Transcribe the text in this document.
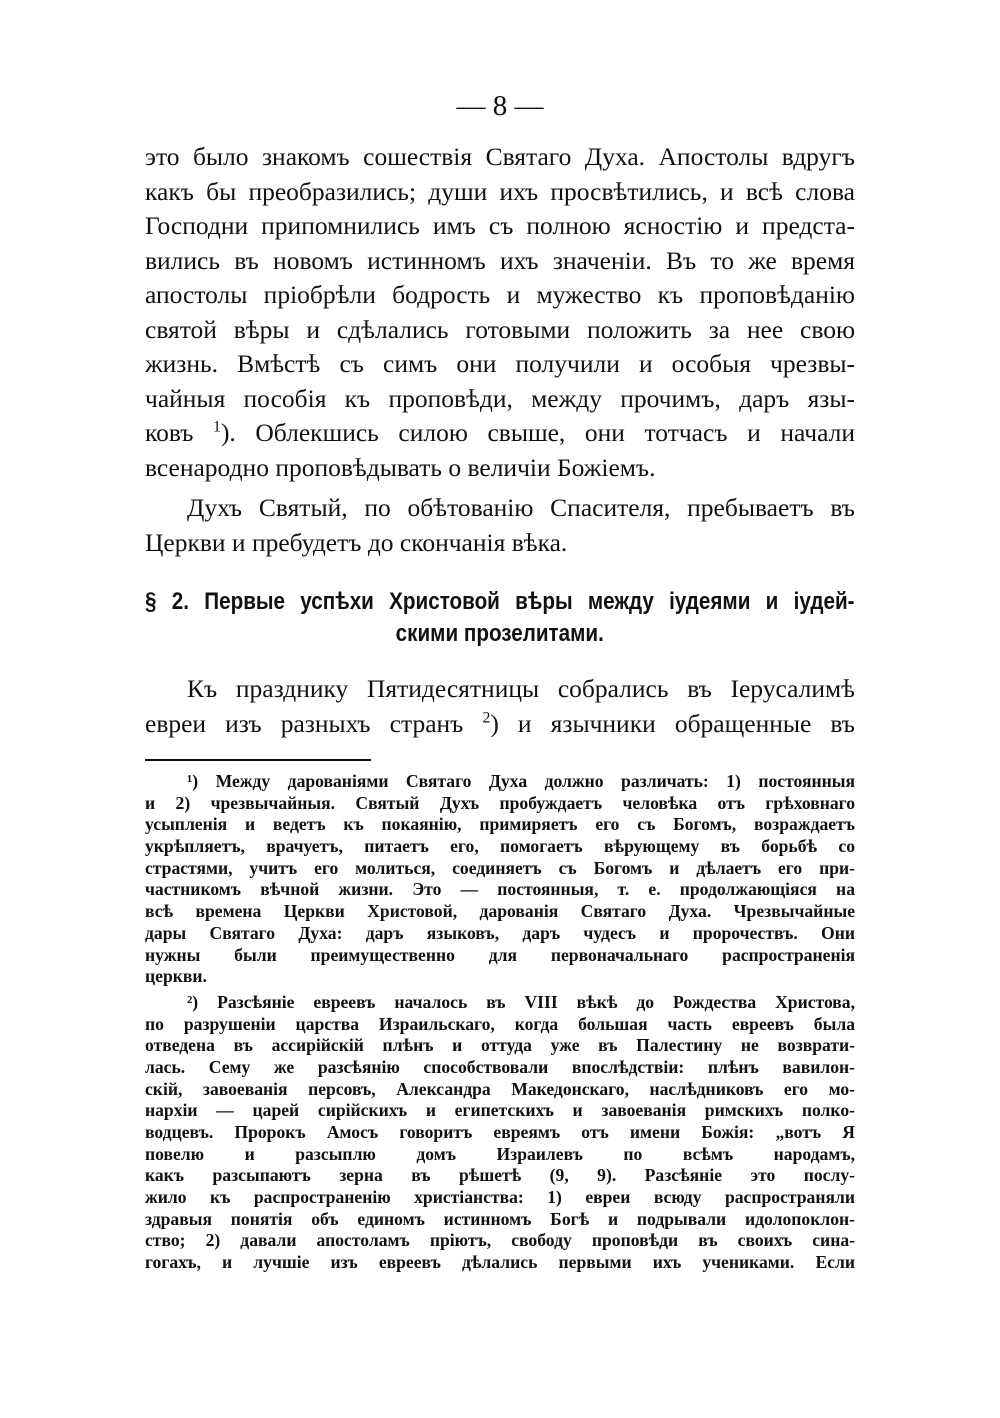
— 8 —
это было знакомъ сошествія Святаго Духа. Апостолы вдругъ
какъ бы преобразились; души ихъ просвѣтились, и всѣ слова
Господни припомнились имъ съ полною ясностію и предста-
вились въ новомъ истинномъ ихъ значеніи. Въ то же время
апостолы пріобрѣли бодрость и мужество къ проповѣданію
святой вѣры и сдѣлались готовыми положить за нее свою
жизнь. Вмѣстѣ съ симъ они получили и особыя чрезвы-
чайныя пособія къ проповѣди, между прочимъ, даръ язы-
ковъ $^1$). Облекшись силою свыше, они тотчасъ и начали
всенародно проповѣдывать о величіи Божіемъ.
Духъ Святый, по обѣтованію Спасителя, пребываетъ въ
Церкви и пребудетъ до скончанія вѣка.
§ 2. Первые успѣхи Христовой вѣры между іудеями и іудей-
скими прозелитами.
Къ празднику Пятидесятницы собрались въ Іерусалимѣ
евреи изъ разныхъ странъ $^2$) и язычники обращенные въ
¹) Между дарованіями Святаго Духа должно различать: 1) постоянныя
и 2) чрезвычайныя. Святый Духъ пробуждаетъ человѣка отъ грѣховнаго
усыпленія и ведетъ къ покаянію, примиряетъ его съ Богомъ, возраждаетъ
укрѣпляетъ, врачуетъ, питаетъ его, помогаетъ вѣрующему въ борьбѣ со
страстями, учитъ его молиться, соединяетъ съ Богомъ и дѣлаетъ его при-
частникомъ вѣчной жизни. Это — постоянныя, т. е. продолжающіяся на
всѣ времена Церкви Христовой, дарованія Святаго Духа. Чрезвычайные
дары Святаго Духа: даръ языковъ, даръ чудесъ и пророчествъ. Они
нужны были преимущественно для первоначальнаго распространенія
церкви.
²) Разсѣяніе евреевъ началось въ VIII вѣкѣ до Рождества Христова,
по разрушеніи царства Израильскаго, когда большая часть евреевъ была
отведена въ ассирійскій плѣнъ и оттуда уже въ Палестину не возврати-
лась. Сему же разсѣянію способствовали впослѣдствіи: плѣнъ вавилон-
скій, завоеванія персовъ, Александра Македонскаго, наслѣдниковъ его мо-
нархіи — царей сирійскихъ и египетскихъ и завоеванія римскихъ полко-
водцевъ. Пророкъ Амосъ говоритъ евреямъ отъ имени Божія: „вотъ Я
повелю и разсыплю домъ Израилевъ по всѣмъ народамъ,
какъ разсыпаютъ зерна въ рѣшетѣ (9, 9). Разсѣяніе это послу-
жило къ распространенію христіанства: 1) евреи всюду распространяли
здравыя понятія объ единомъ истинномъ Богѣ и подрывали идолопоклон-
ство; 2) давали апостоламъ пріютъ, свободу проповѣди въ своихъ сина-
гогахъ, и лучшіе изъ евреевъ дѣлались первыми ихъ учениками. Если
